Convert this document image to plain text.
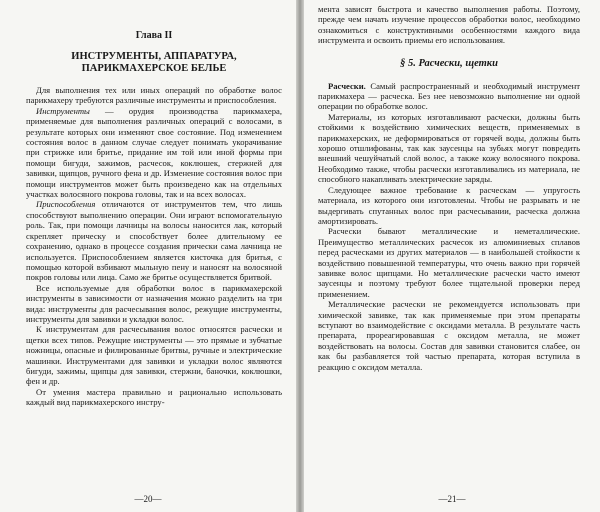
Глава II
ИНСТРУМЕНТЫ, АППАРАТУРА,
ПАРИКМАХЕРСКОЕ БЕЛЬЕ

Для выполнения тех или иных операций по обработке волос парикмахеру требуются различные инструменты и приспособления.

Инструменты — орудия производства парикмахера, применяемые для выполнения различных операций с волосами, в результате которых они изменяют свое состояние. Под изменением состояния волос в данном случае следует понимать укорачивание при стрижке или бритье, придание им той или иной формы при помощи бигуди, зажимов, расчесок, коклюшек, стержней для завивки, щипцов, ручного фена и др. Изменение состояния волос при помощи инструментов может быть произведено как на отдельных участках волосяного покрова головы, так и на всех волосах.

Приспособления отличаются от инструментов тем, что лишь способствуют выполнению операции. Они играют вспомогательную роль. Так, при помощи лачницы на волосы наносится лак, который скрепляет прическу и способствует более длительному ее сохранению, однако в процессе создания прически сама лачница не используется. Приспособлением является кисточка для бритья, с помощью которой взбивают мыльную пену и наносят на волосяной покров головы или лица. Само же бритье осуществляется бритвой.

Все используемые для обработки волос в парикмахерской инструменты в зависимости от назначения можно разделить на три вида: инструменты для расчесывания волос, режущие инструменты, инструменты для завивки и укладки волос.

К инструментам для расчесывания волос относятся расчески и щетки всех типов. Режущие инструменты — это прямые и зубчатые ножницы, опасные и филированные бритвы, ручные и электрические машинки. Инструментами для завивки и укладки волос являются бигуди, зажимы, щипцы для завивки, стержни, баночки, коклюшки, фен и др.

От умения мастера правильно и рационально использовать каждый вид парикмахерского инстру-

—20—

мента зависят быстрота и качество выполнения работы. Поэтому, прежде чем начать изучение процессов обработки волос, необходимо ознакомиться с конструктивными особенностями каждого вида инструмента и освоить приемы его использования.

§ 5. Расчески, щетки

Расчески. Самый распространенный и необходимый инструмент парикмахера — расческа. Без нее невозможно выполнение ни одной операции по обработке волос.

Материалы, из которых изготавливают расчески, должны быть стойкими к воздействию химических веществ, применяемых в парикмахерских, не деформироваться от горячей воды, должны быть хорошо отшлифованы, так как заусенцы на зубьях могут повредить внешний чешуйчатый слой волос, а также кожу волосяного покрова. Необходимо также, чтобы расчески изготавливались из материала, не способного накапливать электрические заряды.

Следующее важное требование к расческам — упругость материала, из которого они изготовлены. Чтобы не разрывать и не выдергивать спутанных волос при расчесывании, расческа должна амортизировать.

Расчески бывают металлические и неметаллические. Преимущество металлических расчесок из алюминиевых сплавов перед расческами из других материалов — в наибольшей стойкости к воздействию повышенной температуры, что очень важно при горячей завивке волос щипцами. Но металлические расчески часто имеют заусенцы и поэтому требуют более тщательной проверки перед применением.

Металлические расчески не рекомендуется использовать при химической завивке, так как применяемые при этом препараты вступают во взаимодействие с оксидами металла. В результате часть препарата, прореагировавшая с оксидом металла, не может воздействовать на волосы. Состав для завивки становится слабее, он как бы разбавляется той частью препарата, которая вступила в реакцию с оксидом металла.

—21—
